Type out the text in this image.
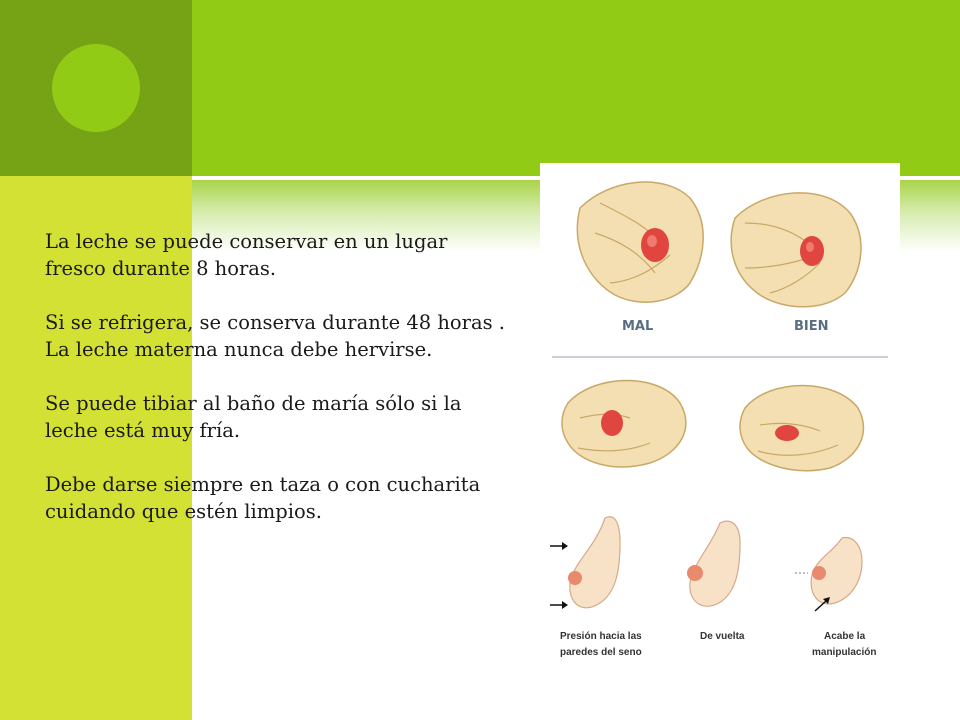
La leche se puede conservar en un lugar
fresco durante 8 horas.

Si se refrigera, se conserva durante 48 horas .
La leche materna nunca debe hervirse.

Se puede tibiar al baño de maría sólo si la
leche está muy fría.

Debe darse siempre en taza o con cucharita
cuidando que estén limpios.

MAL	BIEN
Presión hacia las paredes del seno
De vuelta	Acabe la manipulación
